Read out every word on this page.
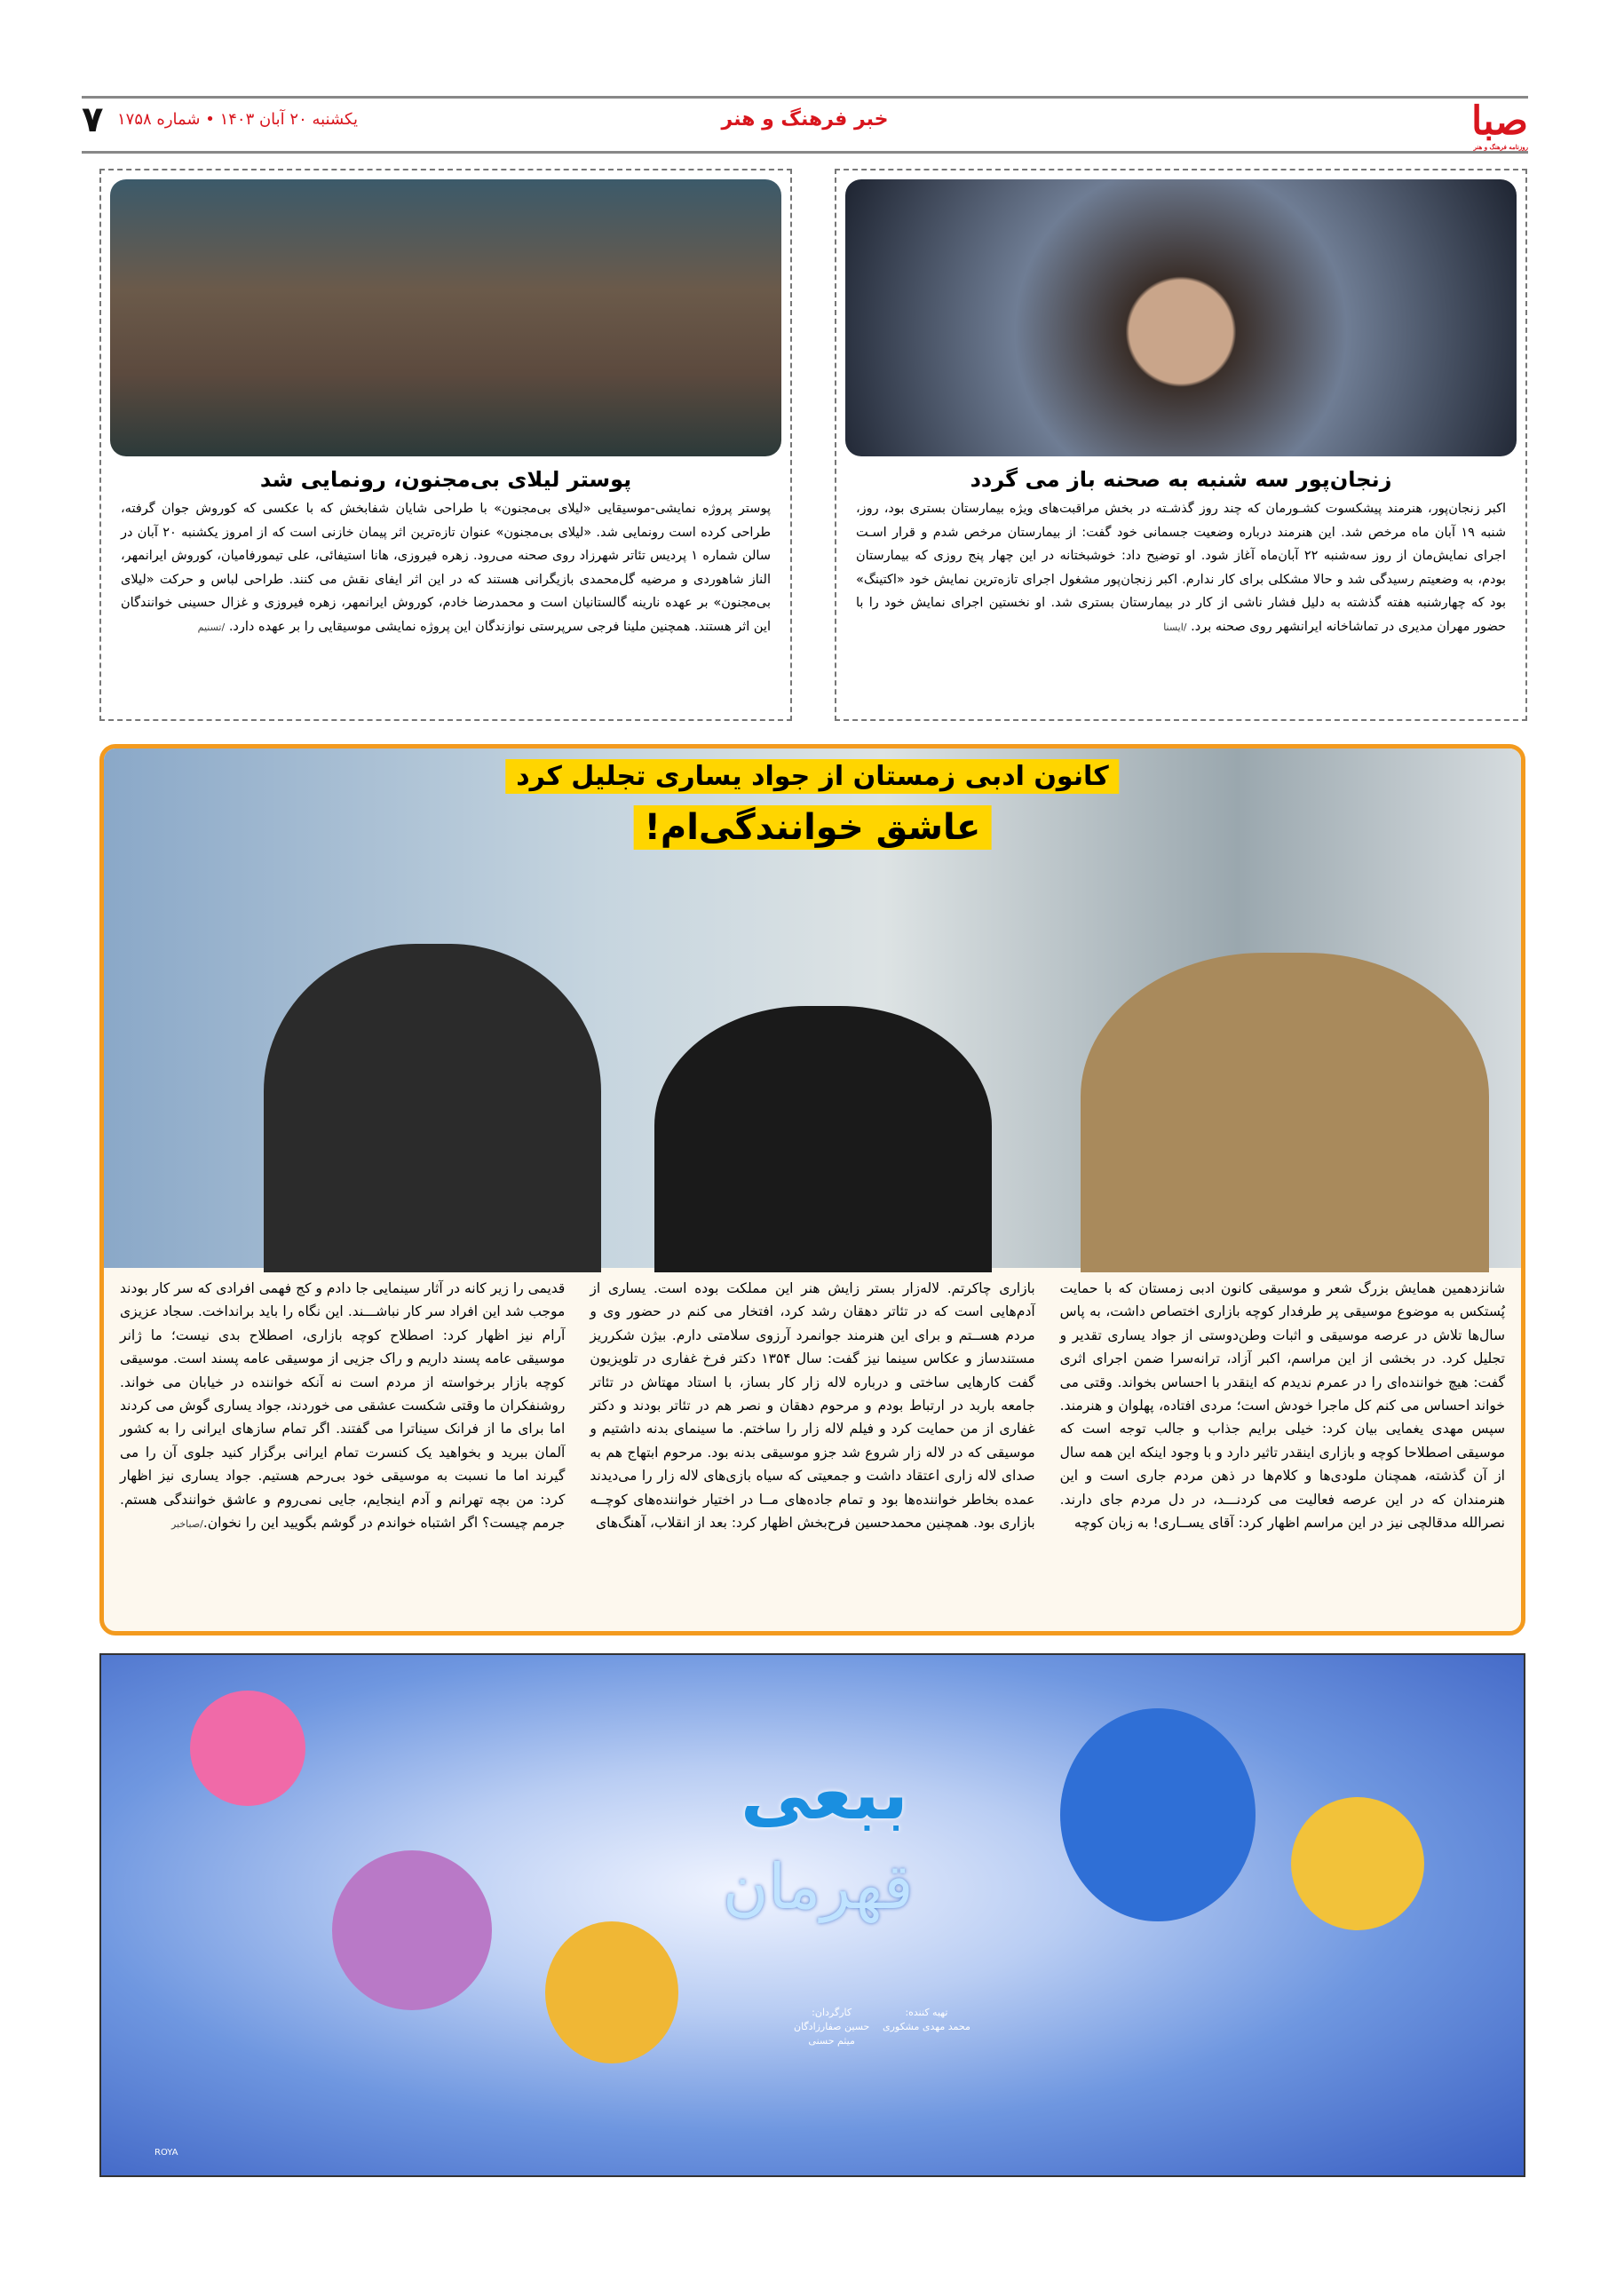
صبا
روزنامه فرهنگ و هنر
خبر فرهنگ و هنر
یکشنبه ۲۰ آبان ۱۴۰۳ • شماره ۱۷۵۸
۷
زنجان‌پور سه شنبه به صحنه باز می گردد

اکبر زنجان‌پور، هنرمند پیشکسوت کشـورمان که چند روز گذشـته در بخش مراقبت‌های ویژه بیمارستان بستری بود، روز، شنبه ۱۹ آبان ماه مرخص شد. این هنرمند درباره وضعیت جسمانی خود گفت: از بیمارستان مرخص شدم و قرار اسـت اجرای نمایش‌مان از روز سه‌شنبه ۲۲ آبان‌ماه آغاز شود. او توضیح داد: خوشبختانه در این چهار پنج روزی که بیمارستان بودم، به وضعیتم رسیدگی شد و حالا مشکلی برای کار ندارم. اکبر زنجان‌پور مشغول اجرای تازه‌ترین نمایش خود «اکتینگ» بود که چهارشنبه هفته گذشته به دلیل فشار ناشی از کار در بیمارستان بستری شد. او نخستین اجرای نمایش خود را با حضور مهران مدیری در تماشاخانه ایرانشهر روی صحنه برد. /ایسنا

پوستر لیلای بی‌مجنون، رونمایی شد

پوستر پروژه نمایشی-موسیقایی «لیلای بی‌مجنون» با طراحی شایان شفابخش که با عکسی که کوروش جوان گرفته، طراحی کرده است رونمایی شد. «لیلای بی‌مجنون» عنوان تازه‌ترین اثر پیمان خازنی است که از امروز یکشنبه ۲۰ آبان در سالن شماره ۱ پردیس تئاتر شهرزاد روی صحنه می‌رود. زهره فیروزی، هانا استیفائی، علی تیمورفامیان، کوروش ایرانمهر، الناز شاهوردی و مرضیه گل‌محمدی بازیگرانی هستند که در این اثر ایفای نقش می کنند. طراحی لباس و حرکت «لیلای بی‌مجنون» بر عهده نارینه گالستانیان است و محمدرضا خادم، کوروش ایرانمهر، زهره فیروزی و غزال حسینی خوانندگان این اثر هستند. همچنین ملینا فرجی سرپرستی نوازندگان این پروژه نمایشی موسیقایی را بر عهده دارد. /تسنیم

کانون ادبی زمستان از جواد یساری تجلیل کرد
عاشق خوانندگی‌ام!

شانزدهمین همایش بزرگ شعر و موسیقی کانون ادبی زمستان که با حمایت پُستکس به موضوع موسیقی پر طرفدار کوچه بازاری اختصاص داشت، به پاس سال‌ها تلاش در عرصه موسیقی و اثبات وطن‌دوستی از جواد یساری تقدیر و تجلیل کرد. در بخشی از این مراسم، اکبر آزاد، ترانه‌سرا ضمن اجرای اثری گفت: هیچ خواننده‌ای را در عمرم ندیدم که اینقدر با احساس بخواند. وقتی می خواند احساس می کنم کل ماجرا خودش است؛ مردی افتاده، پهلوان و هنرمند. سپس مهدی یغمایی بیان کرد: خیلی برایم جذاب و جالب توجه است که موسیقی اصطلاحا کوچه و بازاری اینقدر تاثیر دارد و با وجود اینکه این همه سال از آن گذشته، همچنان ملودی‌ها و کلام‌ها در ذهن مردم جاری است و این هنرمندان که در این عرصه فعالیت می کردنـــد، در دل مردم جای دارند. نصرالله مدقالچی نیز در این مراسم اظهار کرد: آقای یســاری! به زبان کوچه

بازاری چاکرتم. لاله‌زار بستر زایش هنر این مملکت بوده است. یساری از آدم‌هایی است که در تئاتر دهقان رشد کرد، افتخار می کنم در حضور وی و مردم هســتم و برای این هنرمند جوانمرد آرزوی سلامتی دارم. بیژن شکرریز مستندساز و عکاس سینما نیز گفت: سال ۱۳۵۴ دکتر فرخ غفاری در تلویزیون گفت کارهایی ساختی و درباره لاله زار کار بساز، با استاد مهتاش در تئاتر جامعه باربد در ارتباط بودم و مرحوم دهقان و نصر هم در تئاتر بودند و دکتر غفاری از من حمایت کرد و فیلم لاله زار را ساختم. ما سینمای بدنه داشتیم و موسیقی که در لاله زار شروع شد جزو موسیقی بدنه بود. مرحوم ابتهاج هم به صدای لاله زاری اعتقاد داشت و جمعیتی که سیاه بازی‌های لاله زار را می‌دیدند عمده بخاطر خواننده‌ها بود و تمام جاده‌های مــا در اختیار خواننده‌های کوچــه بازاری بود. همچنین محمدحسین فرح‌بخش اظهار کرد: بعد از انقلاب، آهنگ‌های

قدیمی را زیر کانه در آثار سینمایی جا دادم و کج فهمی افرادی که سر کار بودند موجب شد این افراد سر کار نباشـــند. این نگاه را باید برانداخت. سجاد عزیزی آرام نیز اظهار کرد: اصطلاح کوچه بازاری، اصطلاح بدی نیست؛ ما ژانر موسیقی عامه پسند داریم و راک جزیی از موسیقی عامه پسند است. موسیقی کوچه بازار برخواسته از مردم است نه آنکه خواننده در خیابان می خواند. روشنفکران ما وقتی شکست عشقی می خوردند، جواد یساری گوش می کردند اما برای ما از فرانک سیناترا می گفتند. اگر تمام سازهای ایرانی را به کشور آلمان ببرید و بخواهید یک کنسرت تمام ایرانی برگزار کنید جلوی آن را می گیرند اما ما نسبت به موسیقی خود بی‌رحم هستیم. جواد یساری نیز اظهار کرد: من بچه تهرانم و آدم اینجایم، جایی نمی‌روم و عاشق خوانندگی هستم. جرمم چیست؟ اگر اشتباه خواندم در گوشم بگویید این را نخوان./صباخبر

ببعی
قهرمان
تهیه کننده:
محمد مهدی مشکوری
کارگردان:
حسین صفارزادگان
میثم حسنی
ROYA
